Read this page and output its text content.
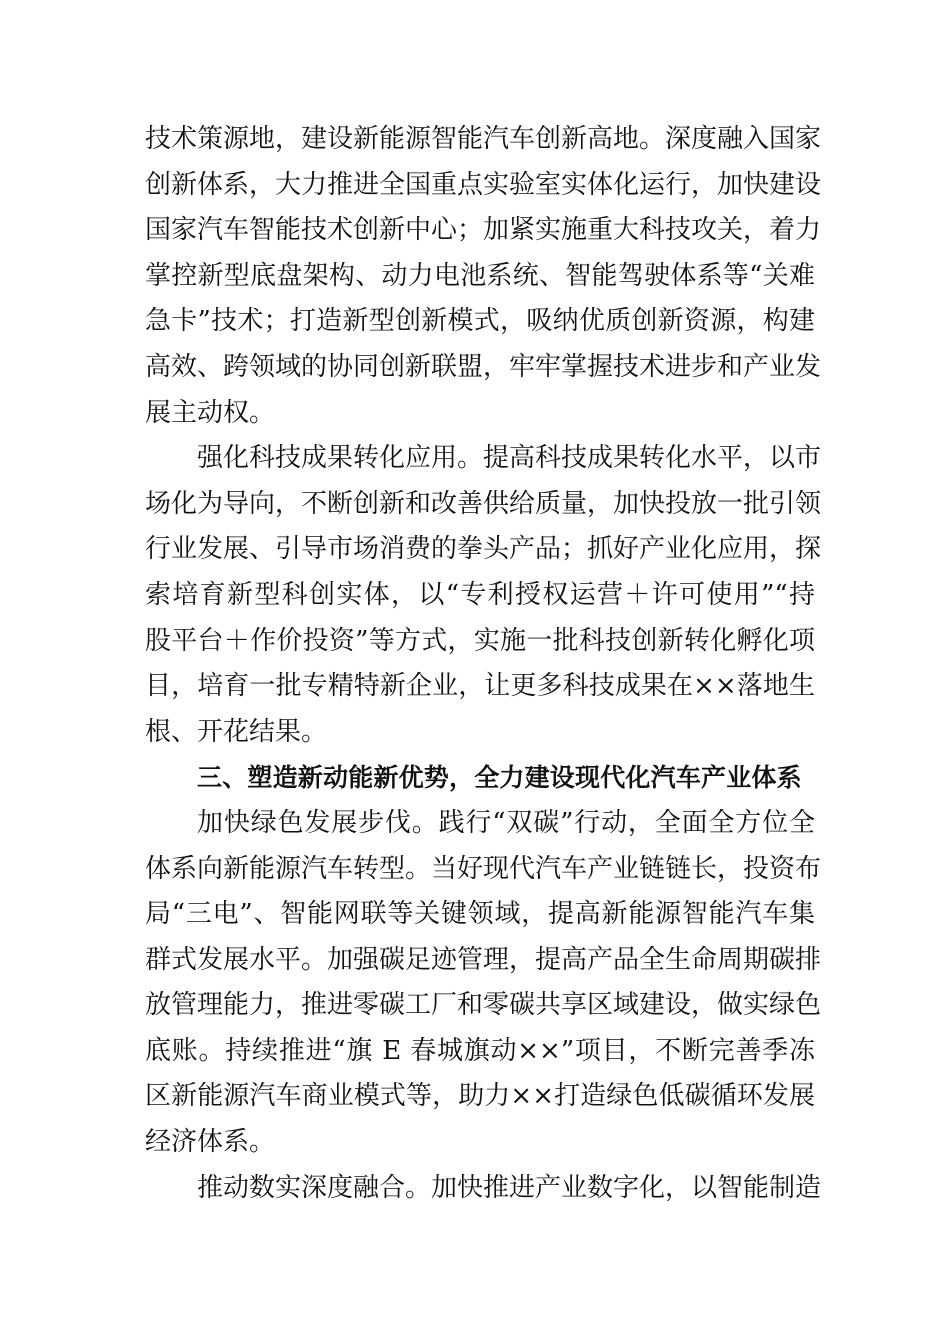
技术策源地，建设新能源智能汽车创新高地。深度融入国家
创新体系，大力推进全国重点实验室实体化运行，加快建设
国家汽车智能技术创新中心；加紧实施重大科技攻关，着力
掌控新型底盘架构、动力电池系统、智能驾驶体系等“关难
急卡”技术；打造新型创新模式，吸纳优质创新资源，构建
高效、跨领域的协同创新联盟，牢牢掌握技术进步和产业发
展主动权。
强化科技成果转化应用。提高科技成果转化水平，以市
场化为导向，不断创新和改善供给质量，加快投放一批引领
行业发展、引导市场消费的拳头产品；抓好产业化应用，探
索培育新型科创实体，以“专利授权运营＋许可使用”“持
股平台＋作价投资”等方式，实施一批科技创新转化孵化项
目，培育一批专精特新企业，让更多科技成果在××落地生
根、开花结果。
三、塑造新动能新优势，全力建设现代化汽车产业体系
加快绿色发展步伐。践行“双碳”行动，全面全方位全
体系向新能源汽车转型。当好现代汽车产业链链长，投资布
局“三电”、智能网联等关键领域，提高新能源智能汽车集
群式发展水平。加强碳足迹管理，提高产品全生命周期碳排
放管理能力，推进零碳工厂和零碳共享区域建设，做实绿色
底账。持续推进“旗 E 春城旗动××”项目，不断完善季冻
区新能源汽车商业模式等，助力××打造绿色低碳循环发展
经济体系。
推动数实深度融合。加快推进产业数字化，以智能制造
